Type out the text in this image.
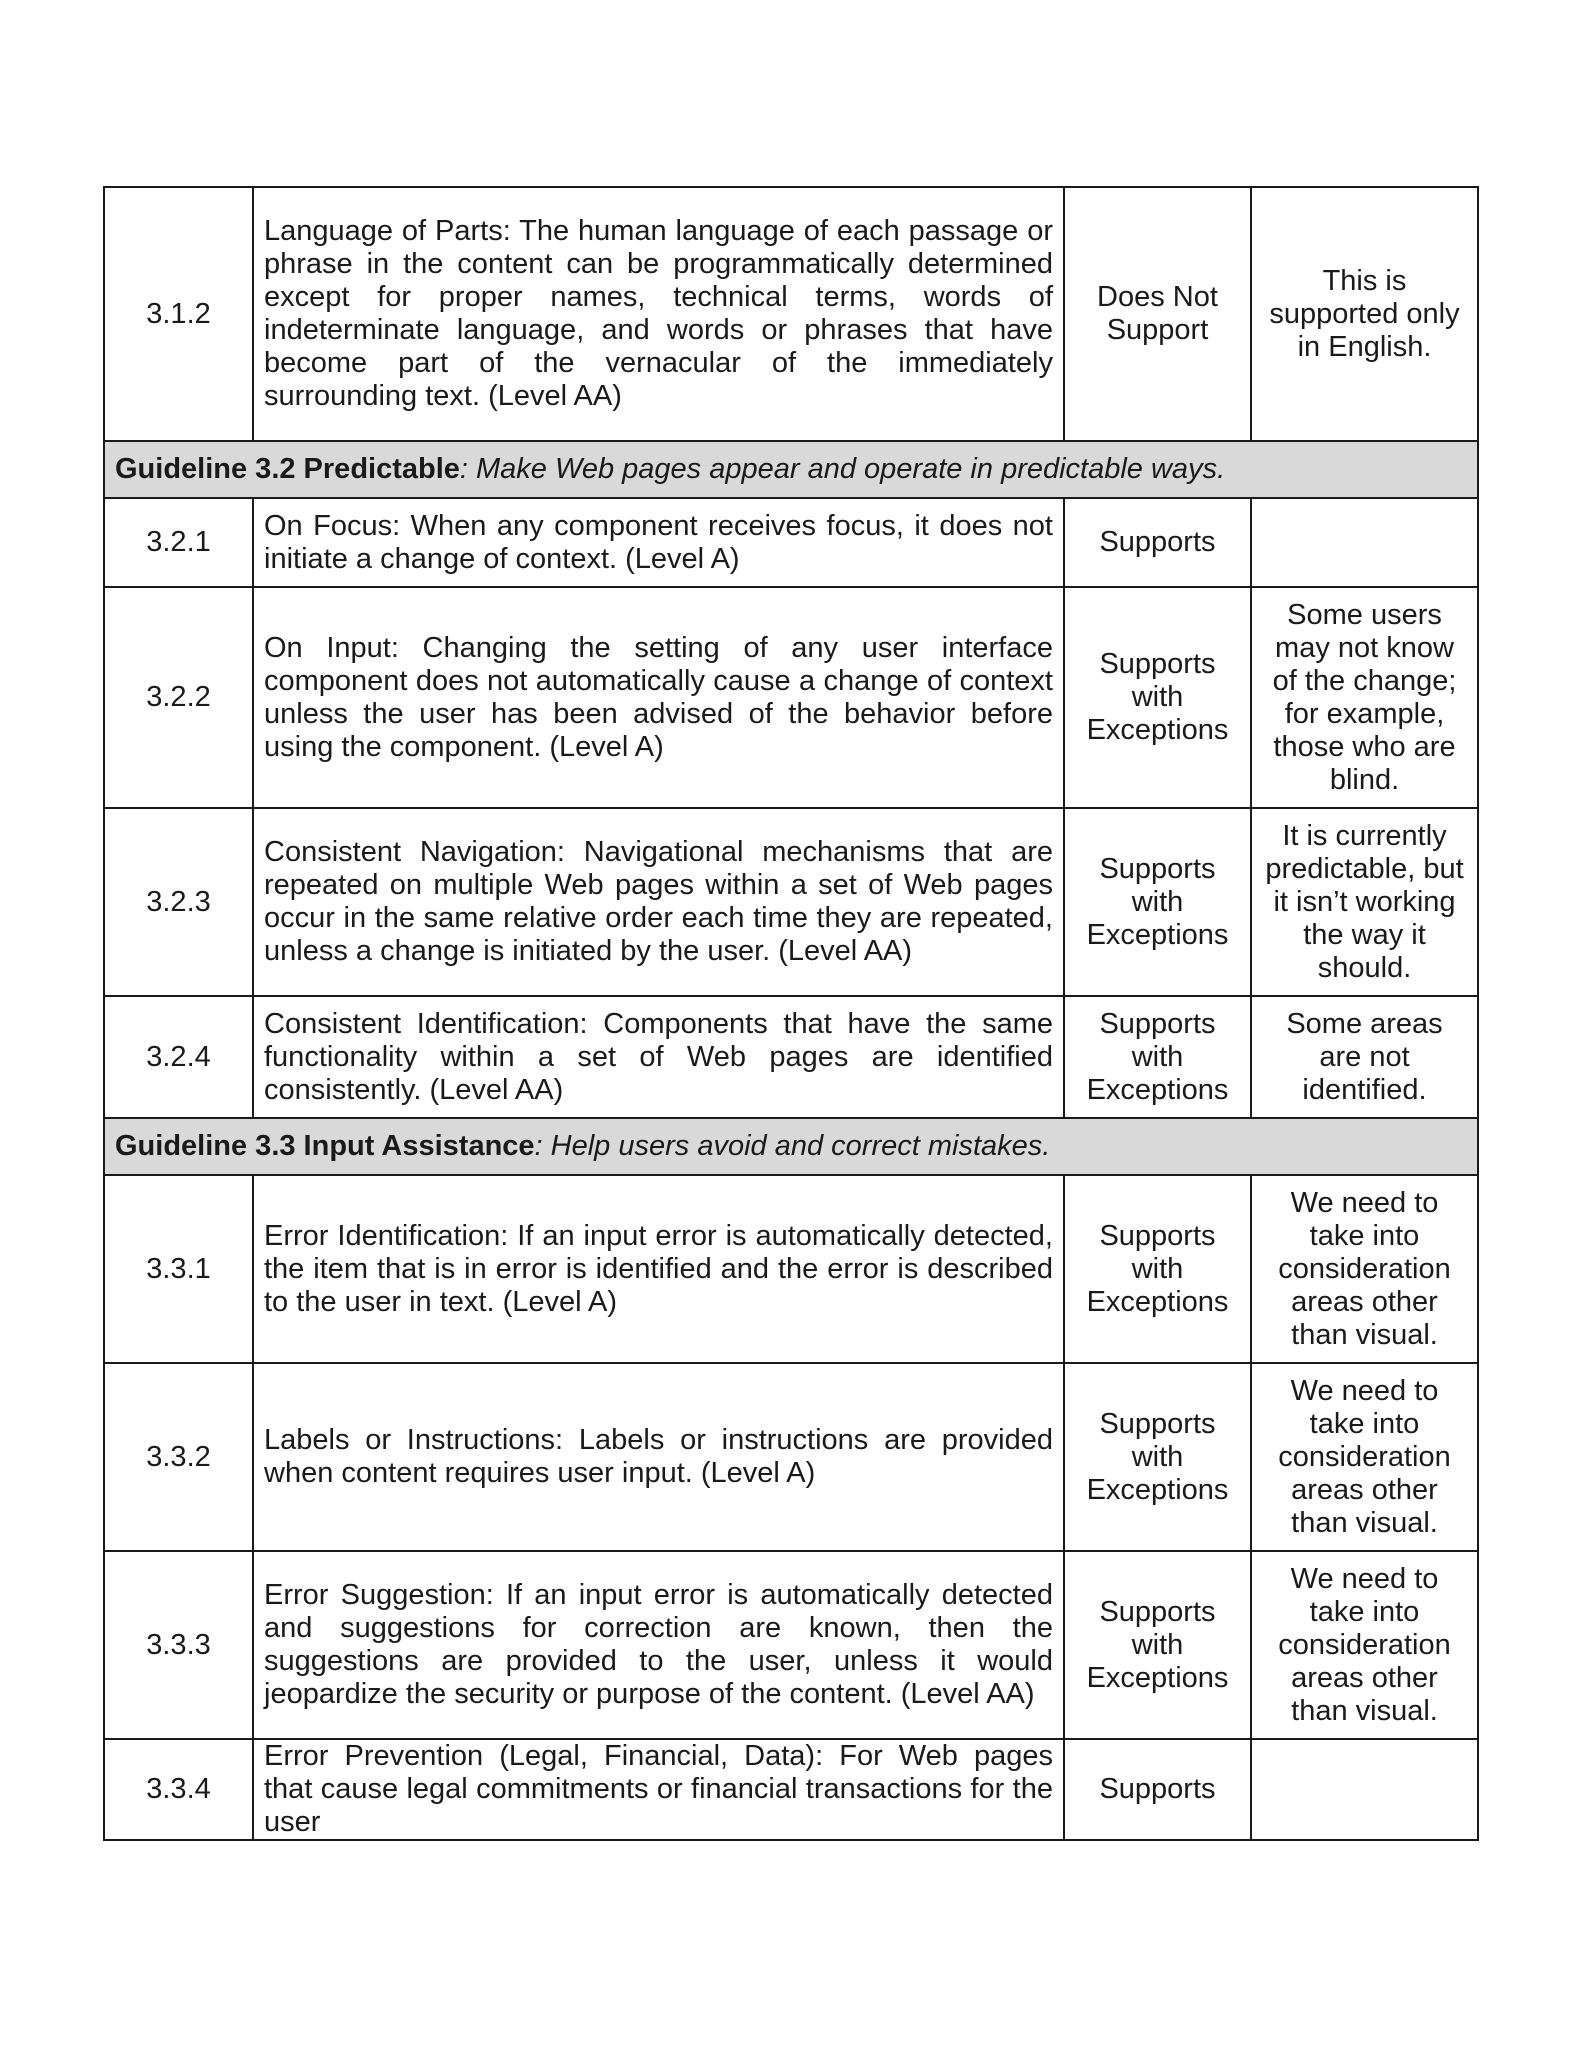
3.1.2	Language of Parts: The human language of each passage or phrase in the content can be programmatically determined except for proper names, technical terms, words of indeterminate language, and words or phrases that have become part of the vernacular of the immediately surrounding text. (Level AA)	Does Not Support	This is supported only in English.
Guideline 3.2 Predictable: Make Web pages appear and operate in predictable ways.			
3.2.1	On Focus: When any component receives focus, it does not initiate a change of context. (Level A)	Supports	
3.2.2	On Input: Changing the setting of any user interface component does not automatically cause a change of context unless the user has been advised of the behavior before using the component. (Level A)	Supports with Exceptions	Some users may not know of the change; for example, those who are blind.
3.2.3	Consistent Navigation: Navigational mechanisms that are repeated on multiple Web pages within a set of Web pages occur in the same relative order each time they are repeated, unless a change is initiated by the user. (Level AA)	Supports with Exceptions	It is currently predictable, but it isn’t working the way it should.
3.2.4	Consistent Identification: Components that have the same functionality within a set of Web pages are identified consistently. (Level AA)	Supports with Exceptions	Some areas are not identified.
Guideline 3.3 Input Assistance: Help users avoid and correct mistakes.			
3.3.1	Error Identification: If an input error is automatically detected, the item that is in error is identified and the error is described to the user in text. (Level A)	Supports with Exceptions	We need to take into consideration areas other than visual.
3.3.2	Labels or Instructions: Labels or instructions are provided when content requires user input. (Level A)	Supports with Exceptions	We need to take into consideration areas other than visual.
3.3.3	Error Suggestion: If an input error is automatically detected and suggestions for correction are known, then the suggestions are provided to the user, unless it would jeopardize the security or purpose of the content. (Level AA)	Supports with Exceptions	We need to take into consideration areas other than visual.
3.3.4	Error Prevention (Legal, Financial, Data): For Web pages that cause legal commitments or financial transactions for the user	Supports	
